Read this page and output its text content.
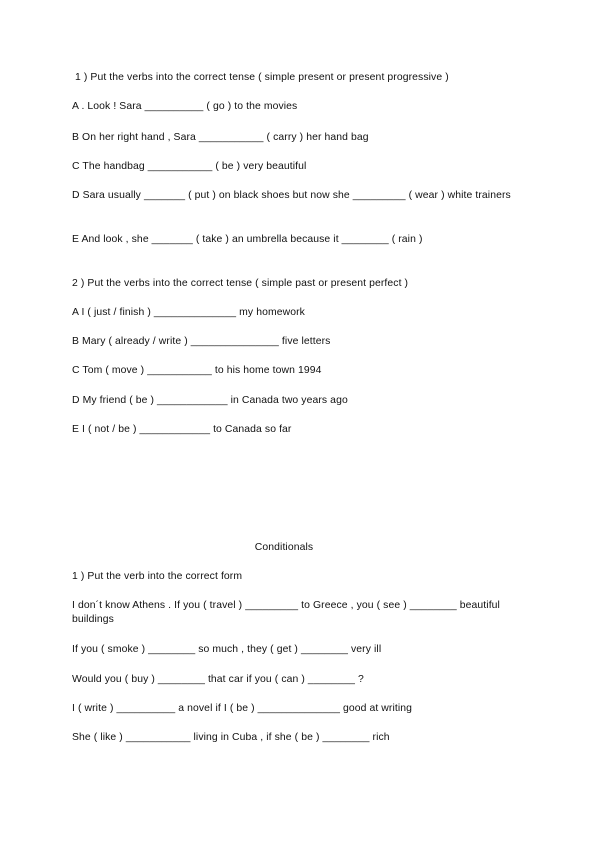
1 ) Put the verbs into the correct tense ( simple present or present progressive )
A . Look ! Sara __________ ( go ) to the movies
B On her right hand , Sara ___________ ( carry ) her hand bag
C The handbag ___________ ( be ) very beautiful
D Sara usually _______ ( put ) on black shoes but now she _________ ( wear ) white trainers
E And look , she _______ ( take ) an umbrella because it ________ ( rain )
2 ) Put the verbs into the correct tense ( simple past or present perfect )
A I ( just / finish ) ______________ my homework
B Mary ( already / write ) _______________ five letters
C Tom ( move ) ___________ to his home town 1994
D My friend ( be ) ____________ in Canada two years ago
E I ( not / be ) ____________ to Canada so far
Conditionals
1 ) Put the verb into the correct form
I don´t know Athens . If you ( travel ) _________ to Greece , you ( see ) ________ beautiful buildings
If you ( smoke ) ________ so much , they ( get ) ________ very ill
Would you ( buy ) ________ that car if you ( can ) ________ ?
I ( write ) __________ a novel if I ( be ) ______________ good at writing
She ( like ) ___________ living in Cuba , if she ( be ) ________ rich
